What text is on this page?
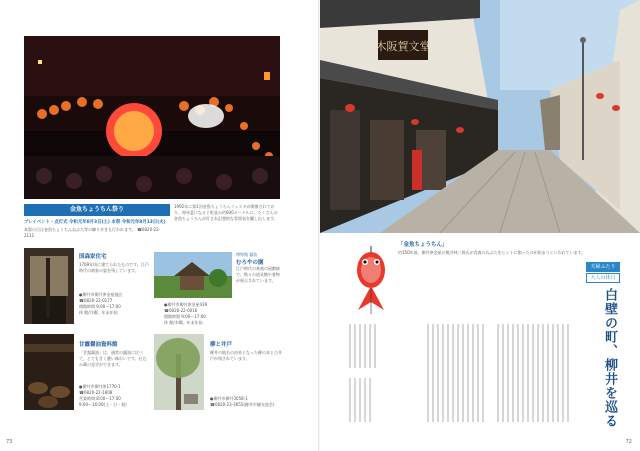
金魚ちょうちん祭り
プレイベント・点灯式 令和元年8月3日(土) 本祭 令和元年8月13日(火)
本祭の日は金魚ちょうちんねぶた等の練り歩きも行われます。 ☎0820-22-2111
1992年に第1回金魚ちょうちんフェスタが開催されており、毎年夏になると町並み約600メートルに、たくさんの金魚ちょうちんが灯され幻想的な雰囲気を醸し出します。
国森家住宅
1769年頃に建てられたものです。江戸時代の商家の姿を残しています。
●柳井市柳井津金屋地区
☎0820-22-0177
開館時間 9:00〜17:00
休 館/月曜、年末年始
博物館 醤油
むろやの園
江戸時代の豪商の屋敷跡で、数々の道具類や着物が展示されています。
●柳井市柳井津金屋439
☎0820-22-0016
開館時間 9:00〜17:00
休 館/木曜、年末年始
甘露醤油資料館
「甘露醤油」は、通常の醤油に比べて、とても甘く濃い味わいです。仕込み蔵の見学ができます。
●柳井市柳井津1770-1
☎0820-22-1808
営業時間 8:00〜17:00
9:00〜16:00(土・日・祝)
柳と井戸
柳井の地名の由来となった柳の木と古井戸が残されています。
●柳井市柳井3058-1
☎0820-23-3655(柳井市観光協会)
73
木阪賀文堂
「金魚ちょうちん」
約150年前、柳井津金屋の熊谷林三郎氏が青森のねぶたをヒントに創ったのが始まりといわれています。
夫婦ふたり
大人の休日
白壁の町、柳井を巡る
72
